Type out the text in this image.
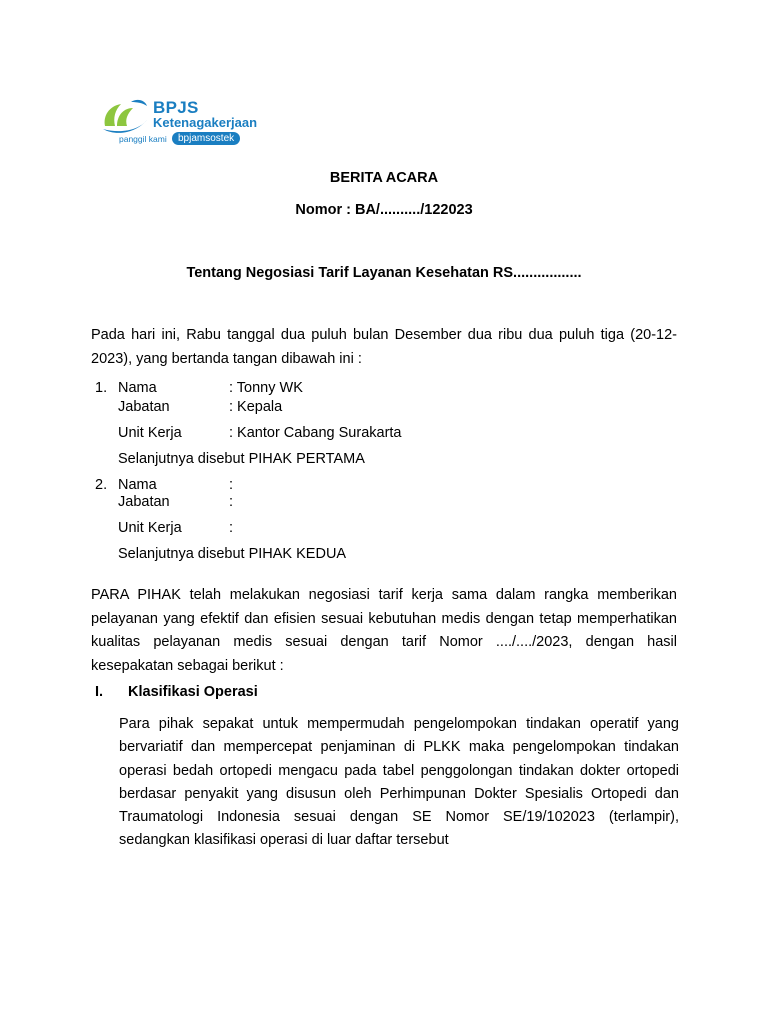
BPJS
Ketenagakerjaan
panggil kami	bpjamsostek
BERITA ACARA
Nomor : BA/........../122023
Tentang Negosiasi Tarif Layanan Kesehatan RS.................
Pada hari ini, Rabu tanggal dua puluh bulan Desember dua ribu dua puluh tiga (20-12-2023), yang bertanda tangan dibawah ini :
1. Nama	: Tonny WK
Jabatan	: Kepala
Unit Kerja	: Kantor Cabang Surakarta
Selanjutnya disebut PIHAK PERTAMA
2. Nama	:
Jabatan	:
Unit Kerja	:
Selanjutnya disebut PIHAK KEDUA
PARA PIHAK telah melakukan negosiasi tarif kerja sama dalam rangka memberikan pelayanan yang efektif dan efisien sesuai kebutuhan medis dengan tetap memperhatikan kualitas pelayanan medis sesuai dengan tarif Nomor ..../..../2023, dengan hasil kesepakatan sebagai berikut :
I. Klasifikasi Operasi
Para pihak sepakat untuk mempermudah pengelompokan tindakan operatif yang bervariatif dan mempercepat penjaminan di PLKK maka pengelompokan tindakan operasi bedah ortopedi mengacu pada tabel penggolongan tindakan dokter ortopedi berdasar penyakit yang disusun oleh Perhimpunan Dokter Spesialis Ortopedi dan Traumatologi Indonesia sesuai dengan SE Nomor SE/19/102023 (terlampir), sedangkan klasifikasi operasi di luar daftar tersebut
